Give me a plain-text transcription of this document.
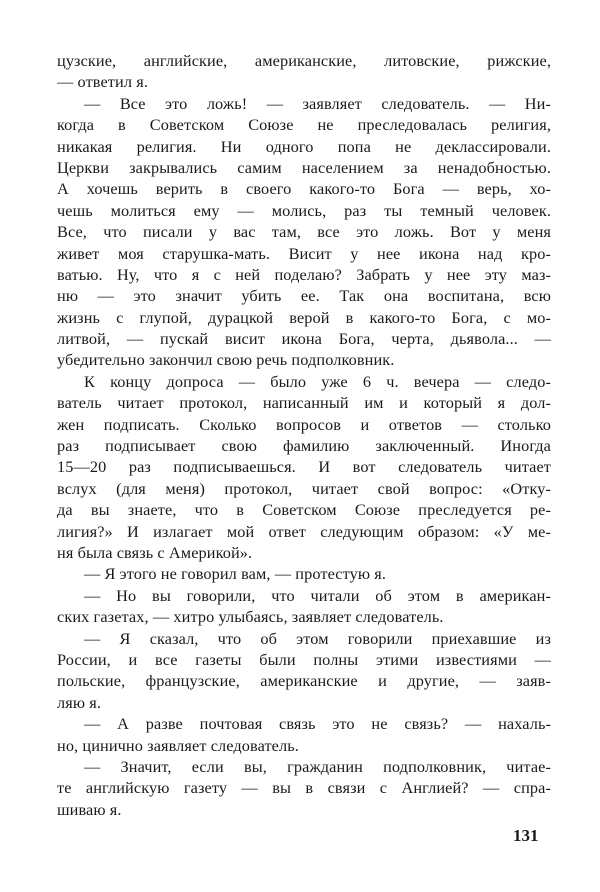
цузские, английские, американские, литовские, рижские,
— ответил я.
— Все это ложь! — заявляет следователь. — Ни-
когда в Советском Союзе не преследовалась религия,
никакая религия. Ни одного попа не деклассировали.
Церкви закрывались самим населением за ненадобностью.
А хочешь верить в своего какого-то Бога — верь, хо-
чешь молиться ему — молись, раз ты темный человек.
Все, что писали у вас там, все это ложь. Вот у меня
живет моя старушка-мать. Висит у нее икона над кро-
ватью. Ну, что я с ней поделаю? Забрать у нее эту маз-
ню — это значит убить ее. Так она воспитана, всю
жизнь с глупой, дурацкой верой в какого-то Бога, с мо-
литвой, — пускай висит икона Бога, черта, дьявола... —
убедительно закончил свою речь подполковник.
К концу допроса — было уже 6 ч. вечера — следо-
ватель читает протокол, написанный им и который я дол-
жен подписать. Сколько вопросов и ответов — столько
раз подписывает свою фамилию заключенный. Иногда
15—20 раз подписываешься. И вот следователь читает
вслух (для меня) протокол, читает свой вопрос: «Отку-
да вы знаете, что в Советском Союзе преследуется ре-
лигия?» И излагает мой ответ следующим образом: «У ме-
ня была связь с Америкой».
— Я этого не говорил вам, — протестую я.
— Но вы говорили, что читали об этом в американ-
ских газетах, — хитро улыбаясь, заявляет следователь.
— Я сказал, что об этом говорили приехавшие из
России, и все газеты были полны этими известиями —
польские, французские, американские и другие, — заяв-
ляю я.
— А разве почтовая связь это не связь? — нахаль-
но, цинично заявляет следователь.
— Значит, если вы, гражданин подполковник, читае-
те английскую газету — вы в связи с Англией? — спра-
шиваю я.
131
